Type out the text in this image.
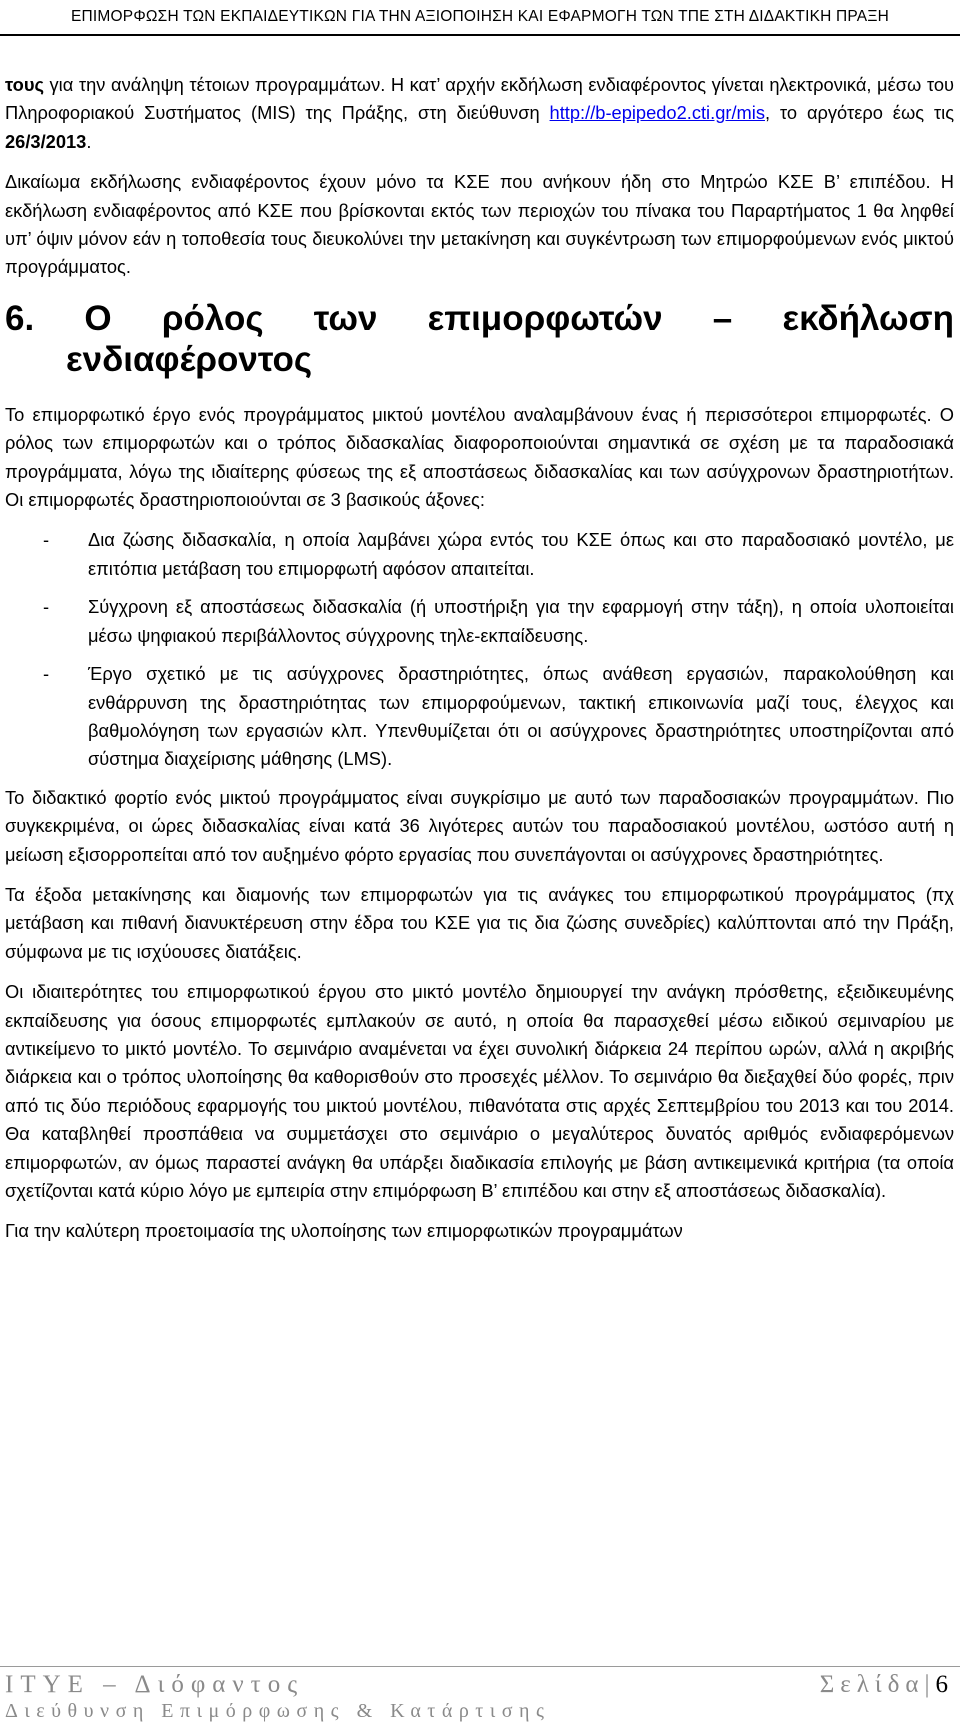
ΕΠΙΜΟΡΦΩΣΗ ΤΩΝ ΕΚΠΑΙΔΕΥΤΙΚΩΝ ΓΙΑ ΤΗΝ ΑΞΙΟΠΟΙΗΣΗ ΚΑΙ ΕΦΑΡΜΟΓΗ ΤΩΝ ΤΠΕ ΣΤΗ ΔΙΔΑΚΤΙΚΗ ΠΡΑΞΗ

τους για την ανάληψη τέτοιων προγραμμάτων. Η κατ’ αρχήν εκδήλωση ενδιαφέροντος γίνεται ηλεκτρονικά, μέσω του Πληροφοριακού Συστήματος (MIS) της Πράξης, στη διεύθυνση http://b-epipedo2.cti.gr/mis, το αργότερο έως τις 26/3/2013.

Δικαίωμα εκδήλωσης ενδιαφέροντος έχουν μόνο τα ΚΣΕ που ανήκουν ήδη στο Μητρώο ΚΣΕ Β’ επιπέδου. Η εκδήλωση ενδιαφέροντος από ΚΣΕ που βρίσκονται εκτός των περιοχών του πίνακα του Παραρτήματος 1 θα ληφθεί υπ’ όψιν μόνον εάν η τοποθεσία τους διευκολύνει την μετακίνηση και συγκέντρωση των επιμορφούμενων ενός μικτού προγράμματος.

6. Ο ρόλος των επιμορφωτών – εκδήλωση
ενδιαφέροντος

Το επιμορφωτικό έργο ενός προγράμματος μικτού μοντέλου αναλαμβάνουν ένας ή περισσότεροι επιμορφωτές. Ο ρόλος των επιμορφωτών και ο τρόπος διδασκαλίας διαφοροποιούνται σημαντικά σε σχέση με τα παραδοσιακά προγράμματα, λόγω της ιδιαίτερης φύσεως της εξ αποστάσεως διδασκαλίας και των ασύγχρονων δραστηριοτήτων. Οι επιμορφωτές δραστηριοποιούνται σε 3 βασικούς άξονες:

- Δια ζώσης διδασκαλία, η οποία λαμβάνει χώρα εντός του ΚΣΕ όπως και στο παραδοσιακό μοντέλο, με επιτόπια μετάβαση του επιμορφωτή αφόσον απαιτείται.
- Σύγχρονη εξ αποστάσεως διδασκαλία (ή υποστήριξη για την εφαρμογή στην τάξη), η οποία υλοποιείται μέσω ψηφιακού περιβάλλοντος σύγχρονης τηλε-εκπαίδευσης.
- Έργο σχετικό με τις ασύγχρονες δραστηριότητες, όπως ανάθεση εργασιών, παρακολούθηση και ενθάρρυνση της δραστηριότητας των επιμορφούμενων, τακτική επικοινωνία μαζί τους, έλεγχος και βαθμολόγηση των εργασιών κλπ. Υπενθυμίζεται ότι οι ασύγχρονες δραστηριότητες υποστηρίζονται από σύστημα διαχείρισης μάθησης (LMS).

Το διδακτικό φορτίο ενός μικτού προγράμματος είναι συγκρίσιμο με αυτό των παραδοσιακών προγραμμάτων. Πιο συγκεκριμένα, οι ώρες διδασκαλίας είναι κατά 36 λιγότερες αυτών του παραδοσιακού μοντέλου, ωστόσο αυτή η μείωση εξισορροπείται από τον αυξημένο φόρτο εργασίας που συνεπάγονται οι ασύγχρονες δραστηριότητες.

Τα έξοδα μετακίνησης και διαμονής των επιμορφωτών για τις ανάγκες του επιμορφωτικού προγράμματος (πχ μετάβαση και πιθανή διανυκτέρευση στην έδρα του ΚΣΕ για τις δια ζώσης συνεδρίες) καλύπτονται από την Πράξη, σύμφωνα με τις ισχύουσες διατάξεις.

Οι ιδιαιτερότητες του επιμορφωτικού έργου στο μικτό μοντέλο δημιουργεί την ανάγκη πρόσθετης, εξειδικευμένης εκπαίδευσης για όσους επιμορφωτές εμπλακούν σε αυτό, η οποία θα παρασχεθεί μέσω ειδικού σεμιναρίου με αντικείμενο το μικτό μοντέλο. Το σεμινάριο αναμένεται να έχει συνολική διάρκεια 24 περίπου ωρών, αλλά η ακριβής διάρκεια και ο τρόπος υλοποίησης θα καθορισθούν στο προσεχές μέλλον. Το σεμινάριο θα διεξαχθεί δύο φορές, πριν από τις δύο περιόδους εφαρμογής του μικτού μοντέλου, πιθανότατα στις αρχές Σεπτεμβρίου του 2013 και του 2014. Θα καταβληθεί προσπάθεια να συμμετάσχει στο σεμινάριο ο μεγαλύτερος δυνατός αριθμός ενδιαφερόμενων επιμορφωτών, αν όμως παραστεί ανάγκη θα υπάρξει διαδικασία επιλογής με βάση αντικειμενικά κριτήρια (τα οποία σχετίζονται κατά κύριο λόγο με εμπειρία στην επιμόρφωση Β’ επιπέδου και στην εξ αποστάσεως διδασκαλία).

Για την καλύτερη προετοιμασία της υλοποίησης των επιμορφωτικών προγραμμάτων

ΙΤΥΕ – Διόφαντος	Σελίδα|6
Διεύθυνση Επιμόρφωσης & Κατάρτισης
